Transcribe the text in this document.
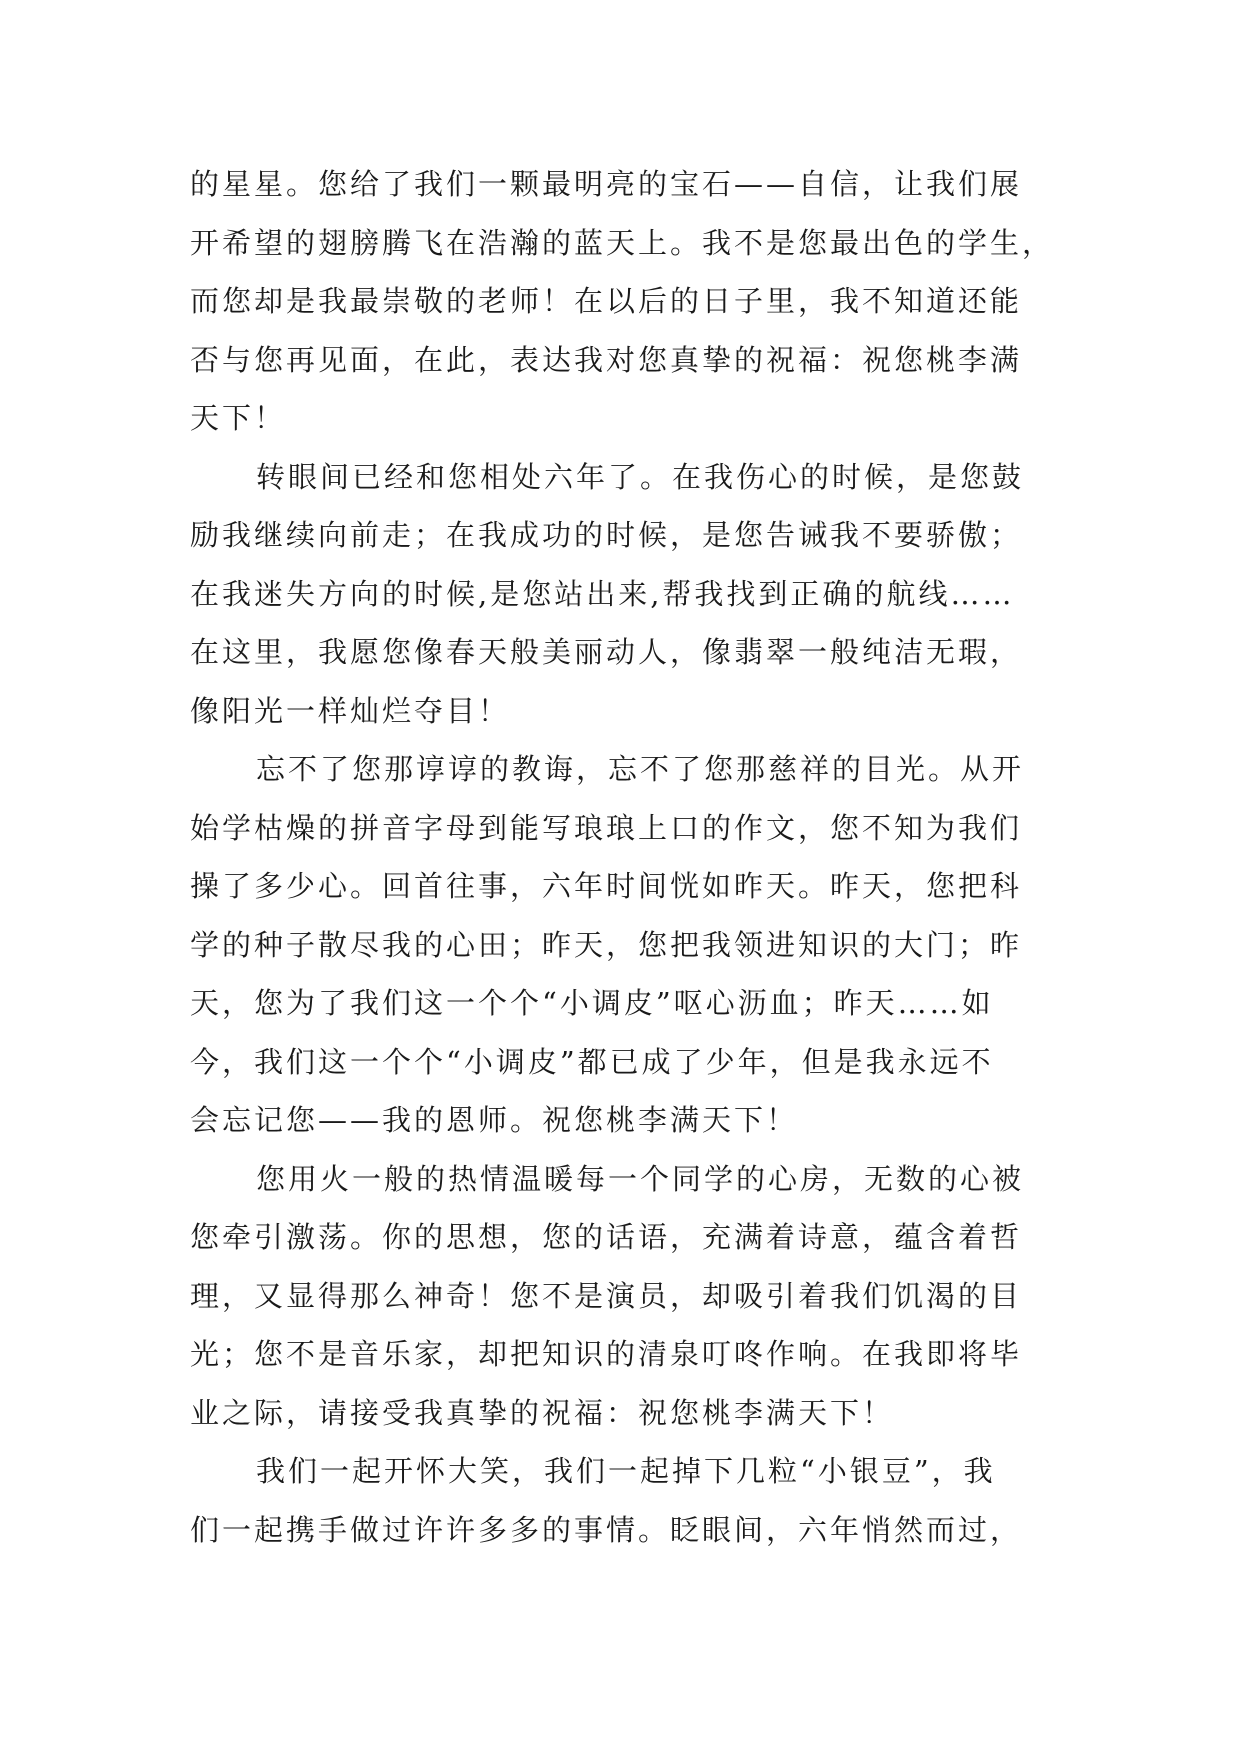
的星星。您给了我们一颗最明亮的宝石——自信，让我们展
开希望的翅膀腾飞在浩瀚的蓝天上。我不是您最出色的学生，
而您却是我最崇敬的老师！在以后的日子里，我不知道还能
否与您再见面，在此，表达我对您真挚的祝福：祝您桃李满
天下！
转眼间已经和您相处六年了。在我伤心的时候，是您鼓
励我继续向前走；在我成功的时候，是您告诫我不要骄傲；
在我迷失方向的时候,是您站出来,帮我找到正确的航线……
在这里，我愿您像春天般美丽动人，像翡翠一般纯洁无瑕，
像阳光一样灿烂夺目！
忘不了您那谆谆的教诲，忘不了您那慈祥的目光。从开
始学枯燥的拼音字母到能写琅琅上口的作文，您不知为我们
操了多少心。回首往事，六年时间恍如昨天。昨天，您把科
学的种子散尽我的心田；昨天，您把我领进知识的大门；昨
天，您为了我们这一个个“小调皮”呕心沥血；昨天……如
今，我们这一个个“小调皮”都已成了少年，但是我永远不
会忘记您——我的恩师。祝您桃李满天下！
您用火一般的热情温暖每一个同学的心房，无数的心被
您牵引激荡。你的思想，您的话语，充满着诗意，蕴含着哲
理，又显得那么神奇！您不是演员，却吸引着我们饥渴的目
光；您不是音乐家，却把知识的清泉叮咚作响。在我即将毕
业之际，请接受我真挚的祝福：祝您桃李满天下！
我们一起开怀大笑，我们一起掉下几粒“小银豆”，我
们一起携手做过许许多多的事情。眨眼间，六年悄然而过，
